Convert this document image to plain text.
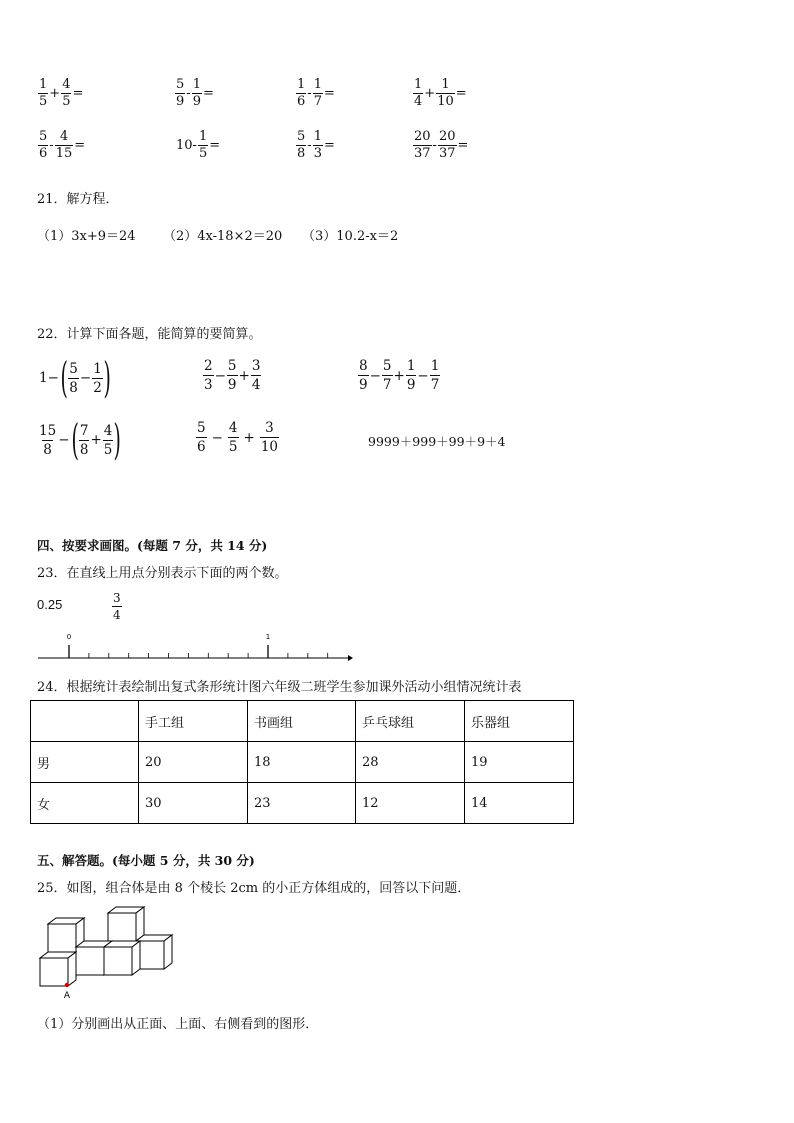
1
5
+ $\frac{4}{5}$ =
5
9
- $\frac{1}{9}$ =
1
6
- $\frac{1}{7}$ =
1
4
+ $\frac{1}{10}$ =
5
6
- $\frac{4}{15}$ =	$10- \frac{1}{5}$ =
5
8
- $\frac{1}{3}$ =
20
37
- $\frac{20}{37}$ =
21．解方程．
（1）3x+9＝24 （2）4x-18×2＝20 （3）10.2-x＝2
22．计算下面各题，能简算的要简算。
1− ( 5
8
− $\frac{1}{2}$ )	2
3
− $\frac{5}{9} + \frac{3}{4}$	8
9
− $\frac{5}{7} + \frac{1}{9} - \frac{1}{7}$
15
8
− ( 7
8
+ $\frac{4}{5}$ )	5
6
− $\frac{4}{5} + \frac{3}{10}$	9999＋999＋99＋9＋4
四、按要求画图。(每题 7 分，共 14 分)
23．在直线上用点分别表示下面的两个数。
0.25	3
4
0	1
24．根据统计表绘制出复式条形统计图六年级二班学生参加课外活动小组情况统计表
	手工组	书画组	乒乓球组	乐器组
男	20	18	28	19
女	30	23	12	14
五、解答题。(每小题 5 分，共 30 分)
25．如图，组合体是由 8 个棱长 2cm 的小正方体组成的，回答以下问题．
A
（1）分别画出从正面、上面、右侧看到的图形．
